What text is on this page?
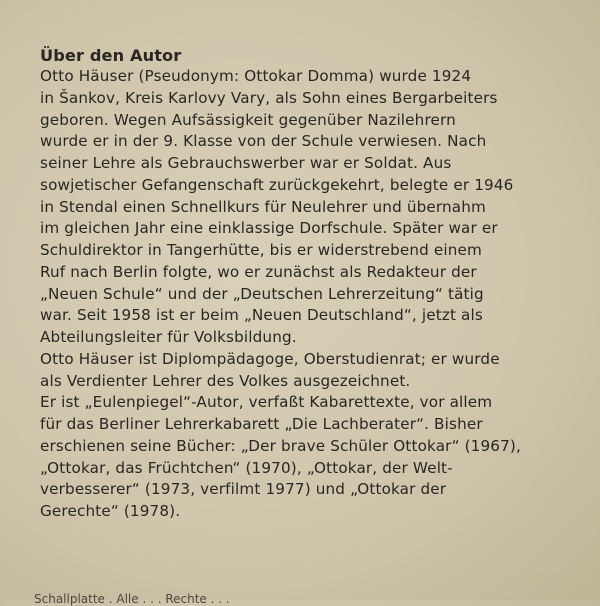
Über den Autor
Otto Häuser (Pseudonym: Ottokar Domma) wurde 1924
in Šankov, Kreis Karlovy Vary, als Sohn eines Bergarbeiters
geboren. Wegen Aufsässigkeit gegenüber Nazilehrern
wurde er in der 9. Klasse von der Schule verwiesen. Nach
seiner Lehre als Gebrauchswerber war er Soldat. Aus
sowjetischer Gefangenschaft zurückgekehrt, belegte er 1946
in Stendal einen Schnellkurs für Neulehrer und übernahm
im gleichen Jahr eine einklassige Dorfschule. Später war er
Schuldirektor in Tangerhütte, bis er widerstrebend einem
Ruf nach Berlin folgte, wo er zunächst als Redakteur der
„Neuen Schule“ und der „Deutschen Lehrerzeitung“ tätig
war. Seit 1958 ist er beim „Neuen Deutschland“, jetzt als
Abteilungsleiter für Volksbildung.
Otto Häuser ist Diplompädagoge, Oberstudienrat; er wurde
als Verdienter Lehrer des Volkes ausgezeichnet.
Er ist „Eulenpiegel“-Autor, verfaßt Kabarettexte, vor allem
für das Berliner Lehrerkabarett „Die Lachberater“. Bisher
erschienen seine Bücher: „Der brave Schüler Ottokar“ (1967),
„Ottokar, das Früchtchen“ (1970), „Ottokar, der Welt-
verbesserer“ (1973, verfilmt 1977) und „Ottokar der
Gerechte“ (1978).
Schallplatte . Alle . . . Rechte . . .
